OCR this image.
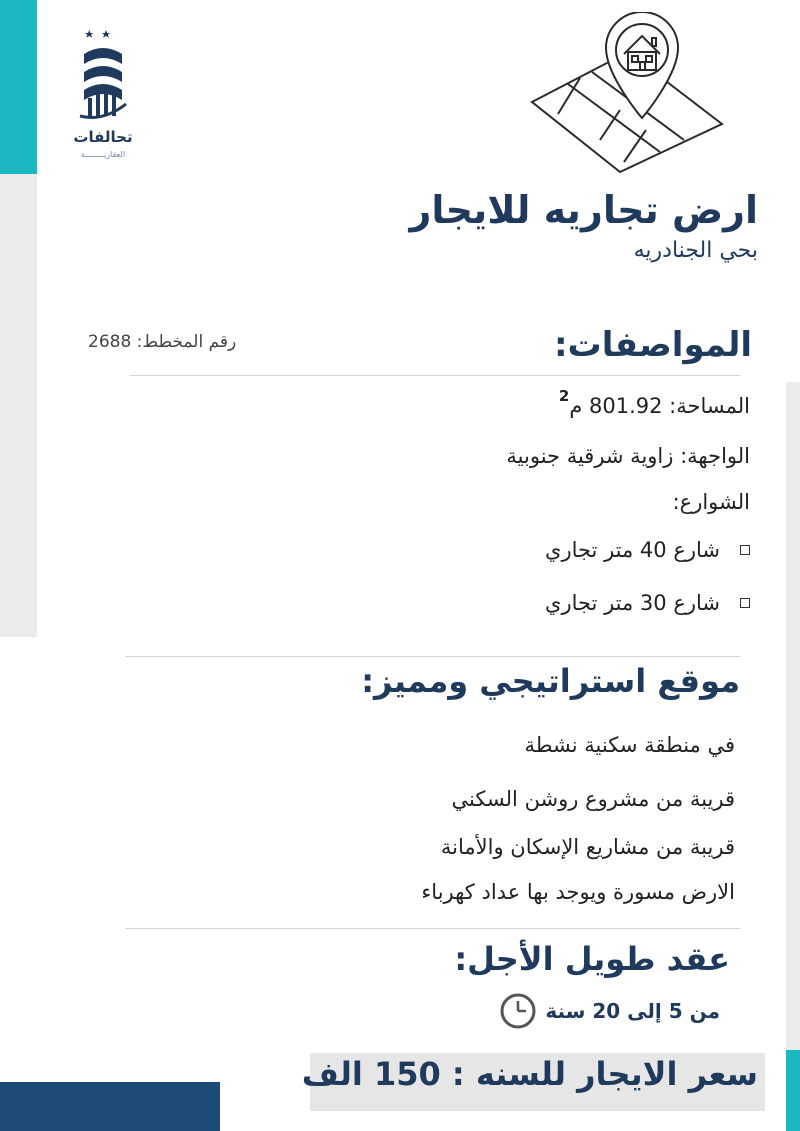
تحالفات
العقاريــــــــة
ارض تجاريه للايجار
بحي الجنادريه
رقم المخطط: 2688	المواصفات:
المساحة: 801.92 م$^2$
الواجهة: زاوية شرقية جنوبية
الشوارع:
شارع 40 متر تجاري
شارع 30 متر تجاري
موقع استراتيجي ومميز:
في منطقة سكنية نشطة
قريبة من مشروع روشن السكني
قريبة من مشاريع الإسكان والأمانة
الارض مسورة ويوجد بها عداد كهرباء
عقد طويل الأجل:
من 5 إلى 20 سنة
سعر الايجار للسنه : 150 الف
